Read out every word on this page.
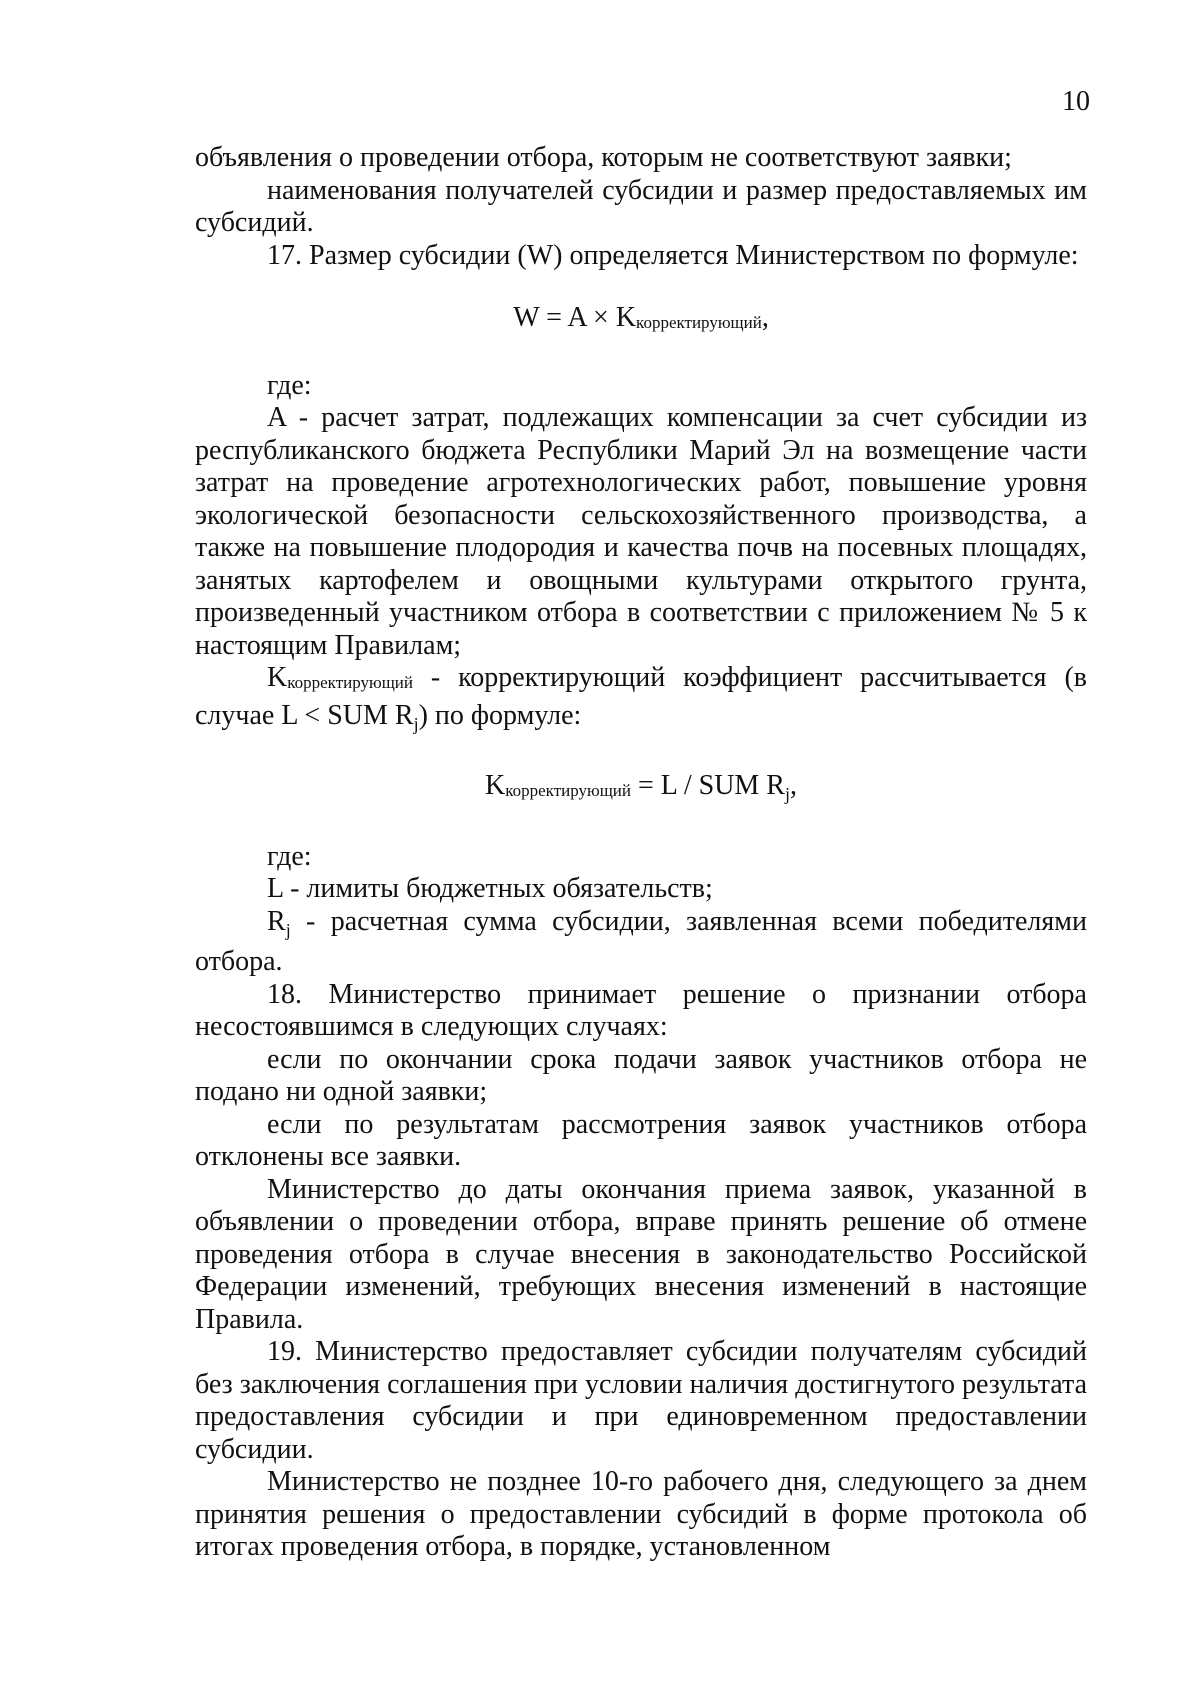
10

объявления о проведении отбора, которым не соответствуют заявки;

наименования получателей субсидии и размер предоставляемых им субсидий.

17. Размер субсидии (W) определяется Министерством по формуле:

W = A × Kкорректирующий,

где:

A - расчет затрат, подлежащих компенсации за счет субсидии из республиканского бюджета Республики Марий Эл на возмещение части затрат на проведение агротехнологических работ, повышение уровня экологической безопасности сельскохозяйственного производства, а также на повышение плодородия и качества почв на посевных площадях, занятых картофелем и овощными культурами открытого грунта, произведенный участником отбора в соответствии с приложением № 5 к настоящим Правилам;

Kкорректирующий - корректирующий коэффициент рассчитывается (в случае L < SUM $R_j$) по формуле:

Kкорректирующий = L / SUM $R_j$,

где:

L - лимиты бюджетных обязательств;

$R_j$ - расчетная сумма субсидии, заявленная всеми победителями отбора.

18. Министерство принимает решение о признании отбора несостоявшимся в следующих случаях:

если по окончании срока подачи заявок участников отбора не подано ни одной заявки;

если по результатам рассмотрения заявок участников отбора отклонены все заявки.

Министерство до даты окончания приема заявок, указанной в объявлении о проведении отбора, вправе принять решение об отмене проведения отбора в случае внесения в законодательство Российской Федерации изменений, требующих внесения изменений в настоящие Правила.

19. Министерство предоставляет субсидии получателям субсидий без заключения соглашения при условии наличия достигнутого результата предоставления субсидии и при единовременном предоставлении субсидии.

Министерство не позднее 10-го рабочего дня, следующего за днем принятия решения о предоставлении субсидий в форме протокола об итогах проведения отбора, в порядке, установленном
